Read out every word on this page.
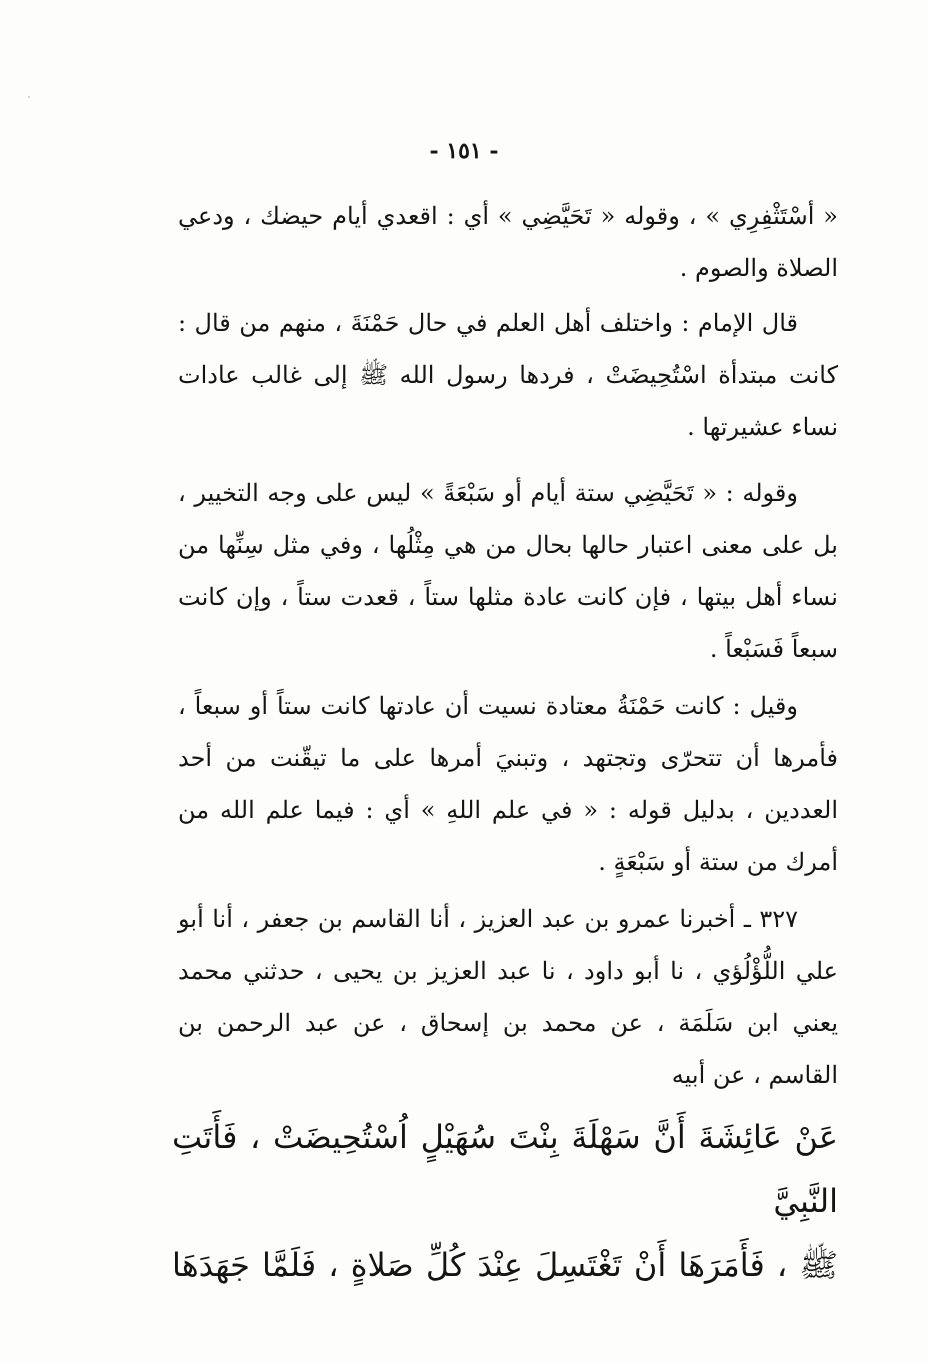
- ١٥١ -

« أسْتَثْفِرِي » ، وقوله « تَحَيَّضِي » أي : اقعدي أيام حيضك ، ودعي الصلاة والصوم .

قال الإمام : واختلف أهل العلم في حال حَمْنَةَ ، منهم من قال : كانت مبتدأة اسْتُحِيضَتْ ، فردها رسول الله ﷺ إلى غالب عادات نساء عشيرتها .

وقوله : « تَحَيَّضِي ستة أيام أو سَبْعَةً » ليس على وجه التخيير ، بل على معنى اعتبار حالها بحال من هي مِثْلُها ، وفي مثل سِنِّها من نساء أهل بيتها ، فإن كانت عادة مثلها ستاً ، قعدت ستاً ، وإن كانت سبعاً فَسَبْعاً .

وقيل : كانت حَمْنَةُ معتادة نسيت أن عادتها كانت ستاً أو سبعاً ، فأمرها أن تتحرّى وتجتهد ، وتبنيَ أمرها على ما تيقّنت من أحد العددين ، بدليل قوله : « في علم اللهِ » أي : فيما علم الله من أمرك من ستة أو سَبْعَةٍ .

٣٢٧ ـ أخبرنا عمرو بن عبد العزيز ، أنا القاسم بن جعفر ، أنا أبو علي اللُّؤْلُؤي ، نا أبو داود ، نا عبد العزيز بن يحيى ، حدثني محمد يعني ابن سَلَمَة ، عن محمد بن إسحاق ، عن عبد الرحمن بن القاسم ، عن أبيه

عَنْ عَائِشَةَ أَنَّ سَهْلَةَ بِنْتَ سُهَيْلٍ اُسْتُحِيضَتْ ، فَأَتَتِ النَّبِيَّ

ﷺ ، فَأَمَرَهَا أَنْ تَغْتَسِلَ عِنْدَ كُلِّ صَلاةٍ ، فَلَمَّا جَهَدَهَا
